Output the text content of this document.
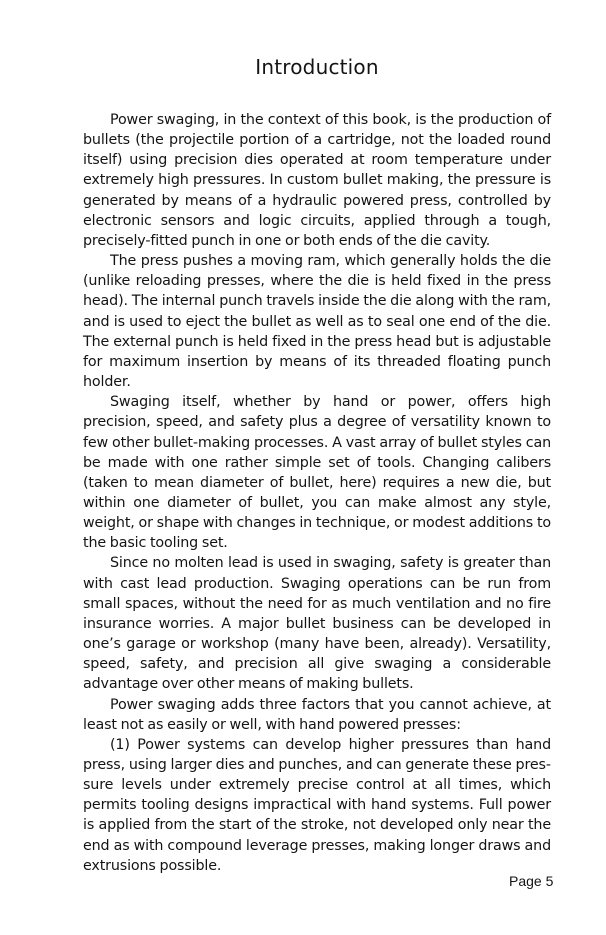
Introduction

Power swaging, in the context of this book, is the production of bullets (the projectile portion of a cartridge, not the loaded round itself) using precision dies operated at room temperature under extremely high pressures. In custom bullet making, the pressure is generated by means of a hydraulic powered press, controlled by electronic sensors and logic circuits, applied through a tough, precisely-fitted punch in one or both ends of the die cavity.

The press pushes a moving ram, which generally holds the die (unlike reloading presses, where the die is held fixed in the press head). The internal punch travels inside the die along with the ram, and is used to eject the bullet as well as to seal one end of the die. The external punch is held fixed in the press head but is adjustable for maximum insertion by means of its threaded floating punch holder.

Swaging itself, whether by hand or power, offers high precision, speed, and safety plus a degree of versatility known to few other bullet-making processes. A vast array of bullet styles can be made with one rather simple set of tools. Changing calibers (taken to mean diameter of bullet, here) requires a new die, but within one diameter of bullet, you can make almost any style, weight, or shape with changes in technique, or modest additions to the basic tooling set.

Since no molten lead is used in swaging, safety is greater than with cast lead production. Swaging operations can be run from small spaces, without the need for as much ventilation and no fire insurance worries. A major bullet business can be developed in one’s garage or workshop (many have been, already). Versatility, speed, safety, and precision all give swaging a considerable advantage over other means of making bullets.

Power swaging adds three factors that you cannot achieve, at least not as easily or well, with hand powered presses:

(1) Power systems can develop higher pressures than hand press, using larger dies and punches, and can generate these pressure levels under extremely precise control at all times, which permits tooling designs impractical with hand systems. Full power is applied from the start of the stroke, not developed only near the end as with compound leverage presses, making longer draws and extrusions possible.

Page 5
